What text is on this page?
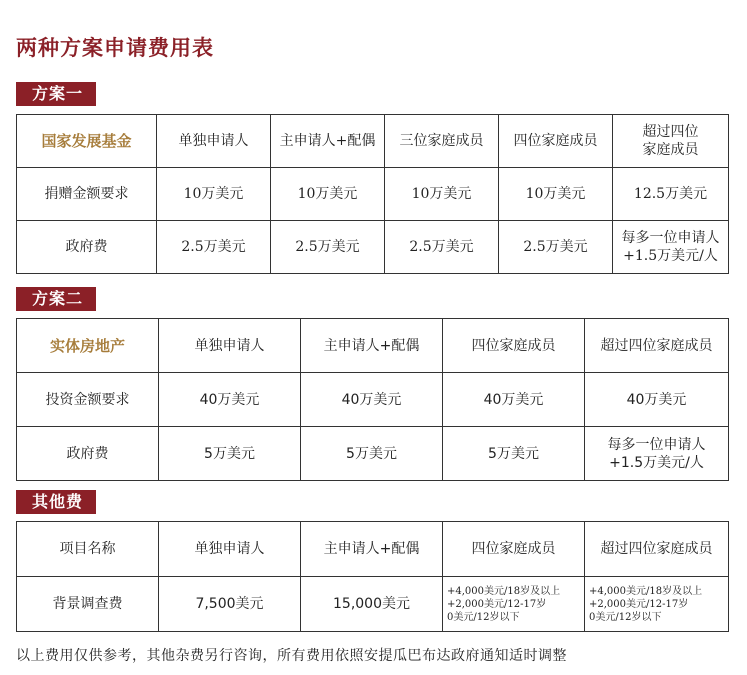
两种方案申请费用表
方案一
国家发展基金	单独申请人	主申请人+配偶	三位家庭成员	四位家庭成员	超过四位
家庭成员

捐赠金额要求	10万美元	10万美元	10万美元	10万美元	12.5万美元
政府费	2.5万美元	2.5万美元	2.5万美元	2.5万美元	每多一位申请人
+1.5万美元/人
方案二
实体房地产	单独申请人	主申请人+配偶	四位家庭成员	超过四位家庭成员
投资金额要求	40万美元	40万美元	40万美元	40万美元
政府费	5万美元	5万美元	5万美元	每多一位申请人
+1.5万美元/人
其他费用
项目名称	单独申请人	主申请人+配偶	四位家庭成员	超过四位家庭成员
背景调查费	7,500美元	15,000美元	+4,000美元/18岁及以上
+2,000美元/12-17岁
0美元/12岁以下	+4,000美元/18岁及以上
+2,000美元/12-17岁
0美元/12岁以下
以上费用仅供参考，其他杂费另行咨询，所有费用依照安提瓜巴布达政府通知适时调整
